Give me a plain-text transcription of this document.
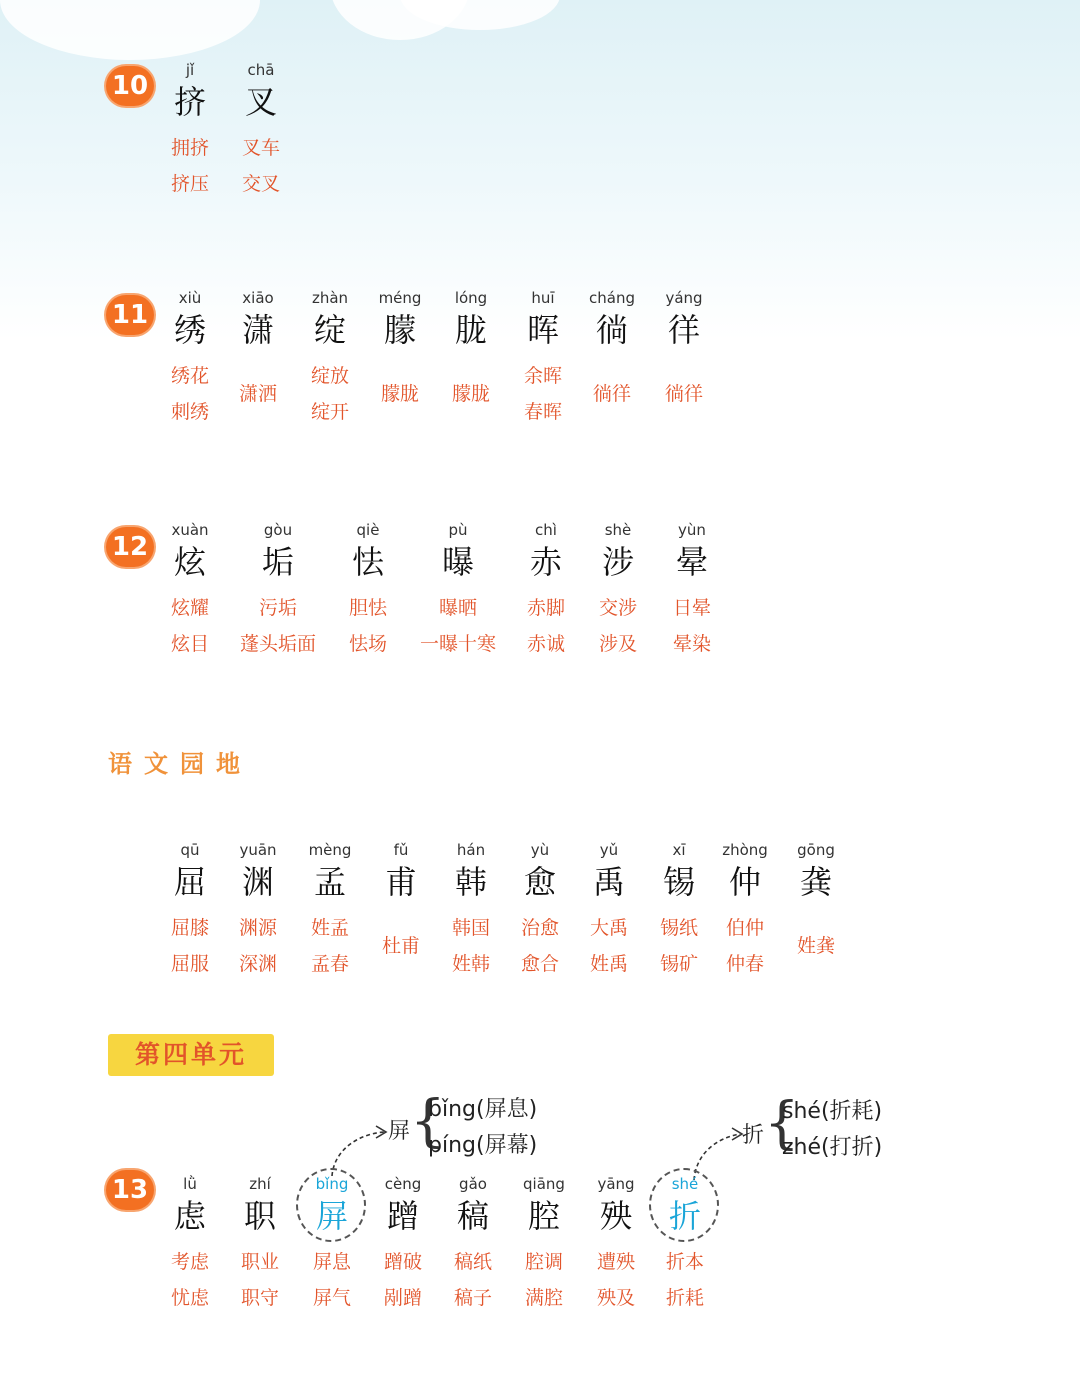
10
jǐ
挤
拥挤
挤压
chā
叉
叉车
交叉
11
xiù
绣
绣花
刺绣
xiāo
潇
潇洒
zhàn
绽
绽放
绽开
méng
朦
朦胧
lóng
胧
朦胧
huī
晖
余晖
春晖
cháng
徜
徜徉
yáng
徉
徜徉
12
xuàn
炫
炫耀
炫目
gòu
垢
污垢
蓬头垢面
qiè
怯
胆怯
怯场
pù
曝
曝晒
一曝十寒
chì
赤
赤脚
赤诚
shè
涉
交涉
涉及
yùn
晕
日晕
晕染
语文园地
qū
屈
屈膝
屈服
yuān
渊
渊源
深渊
mèng
孟
姓孟
孟春
fǔ
甫
杜甫
hán
韩
韩国
姓韩
yù
愈
治愈
愈合
yǔ
禹
大禹
姓禹
xī
锡
锡纸
锡矿
zhòng
仲
伯仲
仲春
gōng
龚
姓龚
第四单元
屏 {
bǐng(屏息)
píng(屏幕)	折 {
shé(折耗)
zhé(打折)
13	lǜ
虑
考虑
忧虑
zhí
职
职业
职守
bǐng
屏
屏息
屏气
cèng
蹭
蹭破
剐蹭
gǎo
稿
稿纸
稿子
qiāng
腔
腔调
满腔
yāng
殃
遭殃
殃及
shé
折
折本
折耗
